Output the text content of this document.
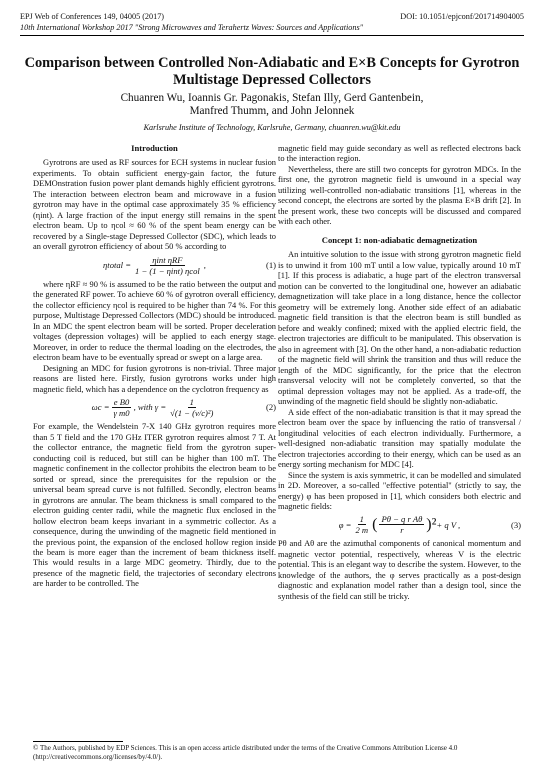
EPJ Web of Conferences 149, 04005 (2017)	DOI: 10.1051/epjconf/201714904005
10th International Workshop 2017 "Strong Microwaves and Terahertz Waves: Sources and Applications"
Comparison between Controlled Non-Adiabatic and E×B Concepts for Gyrotron Multistage Depressed Collectors
Chuanren Wu, Ioannis Gr. Pagonakis, Stefan Illy, Gerd Gantenbein,
Manfred Thumm, and John Jelonnek
Karlsruhe Institute of Technology, Karlsruhe, Germany, chuanren.wu@kit.edu
Introduction

Gyrotrons are used as RF sources for ECH systems in nuclear fusion experiments. To obtain sufficient energy-gain factor, the future DEMOnstration fusion power plant demands highly efficient gyrotrons. The interaction between electron beam and microwave in a fusion gyrotron may have in the optimal case approximately 35 % efficiency (ηint). A large fraction of the input energy still remains in the spent electron beam. Up to ηcol ≈ 60 % of the spent beam energy can be recovered by a Single-stage Depressed Collector (SDC), which leads to an overall gyrotron efficiency of about 50 % according to

ηtotal = $\frac{\text{ηint ηRF}}{\text{1 − (1 − ηint) ηcol}}$ ,	(1)

where ηRF ≈ 90 % is assumed to be the ratio between the output and the generated RF power. To achieve 60 % of gyrotron overall efficiency, the collector efficiency ηcol is required to be higher than 74 %. For this purpose, Multistage Depressed Collectors (MDC) should be introduced. In an MDC the spent electron beam will be sorted. Proper deceleration voltages (depression voltages) will be applied to each energy stage. Moreover, in order to reduce the thermal loading on the electrodes, the electron beam have to be eventually spread or swept on a large area.

Designing an MDC for fusion gyrotrons is non-trivial. Three major reasons are listed here. Firstly, fusion gyrotrons works under high magnetic field, which has a dependence on the cyclotron frequency as

$\omega c = \frac{\text{e B0}}{\text{γ m0}}$ , with $\gamma = \frac{1}{\text{√(1 − (v/c)²)}}$	(2)

For example, the Wendelstein 7-X 140 GHz gyrotron requires more than 5 T field and the 170 GHz ITER gyrotron requires almost 7 T. At the collector entrance, the magnetic field from the gyrotron super-conducting coil is reduced, but still can be higher than 100 mT. The magnetic confinement in the collector prohibits the electron beam to be sorted or spread, since the prerequisites for the repulsion or the universal beam spread curve is not fulfilled. Secondly, electron beams in gyrotrons are annular. The beam thickness is small compared to the electron guiding center radii, while the magnetic flux enclosed in the hollow electron beam keeps invariant in a symmetric collector. As a consequence, during the unwinding of the magnetic field mentioned in the previous point, the expansion of the enclosed hollow region inside the beam is more eager than the increment of beam thickness itself. This would results in a large MDC geometry. Thirdly, due to the presence of the magnetic field, the trajectories of secondary electrons are harder to be controlled. The

magnetic field may guide secondary as well as reflected electrons back to the interaction region.

Nevertheless, there are still two concepts for gyrotron MDCs. In the first one, the gyrotron magnetic field is unwound in a special way utilizing well-controlled non-adiabatic transitions [1], whereas in the second concept, the electrons are sorted by the plasma E×B drift [2]. In the present work, these two concepts will be discussed and compared with each other.

Concept 1: non-adiabatic demagnetization

An intuitive solution to the issue with strong gyrotron magnetic field is to unwind it from 100 mT until a low value, typically around 10 mT [1]. If this process is adiabatic, a huge part of the electron transversal motion can be converted to the longitudinal one, however an adiabatic demagnetization will take place in a long distance, hence the collector geometry will be extremely long. Another side effect of an adiabatic magnetic field transition is that the electron beam is still bundled as before and weakly confined; mixed with the applied electric field, the electron trajectories are difficult to be manipulated. This observation is also in agreement with [3]. On the other hand, a non-adiabatic reduction of the magnetic field will shrink the transition and thus will reduce the length of the MDC significantly, for the price that the electron transversal velocity will not be completely converted, so that the optimal depression voltages may not be applied. As a trade-off, the unwinding of the magnetic field should be slightly non-adiabatic.

A side effect of the non-adiabatic transition is that it may spread the electron beam over the space by influencing the ratio of transversal / longitudinal velocities of each electron individually. Furthermore, a well-designed non-adiabatic transition may spatially modulate the electron trajectories according to their energy, which can be used as an energy sorting mechanism for MDC [4].

Since the system is axis symmetric, it can be modelled and simulated in 2D. Moreover, a so-called "effective potential" (strictly to say, the energy) φ has been proposed in [1], which considers both electric and magnetic fields:

$\varphi = \frac{1}{2 m}$ ( $\frac{\text{Pθ − q r Aθ}}{r} )^2 + q$ V ,	(3)

Pθ and Aθ are the azimuthal components of canonical momentum and magnetic vector potential, respectively, whereas V is the electric potential. This is an elegant way to describe the system. However, to the knowledge of the authors, the φ serves practically as a post-design diagnostic and explanation model rather than a design tool, since the synthesis of the field can still be tricky.

© The Authors, published by EDP Sciences. This is an open access article distributed under the terms of the Creative Commons Attribution License 4.0 (http://creativecommons.org/licenses/by/4.0/).
